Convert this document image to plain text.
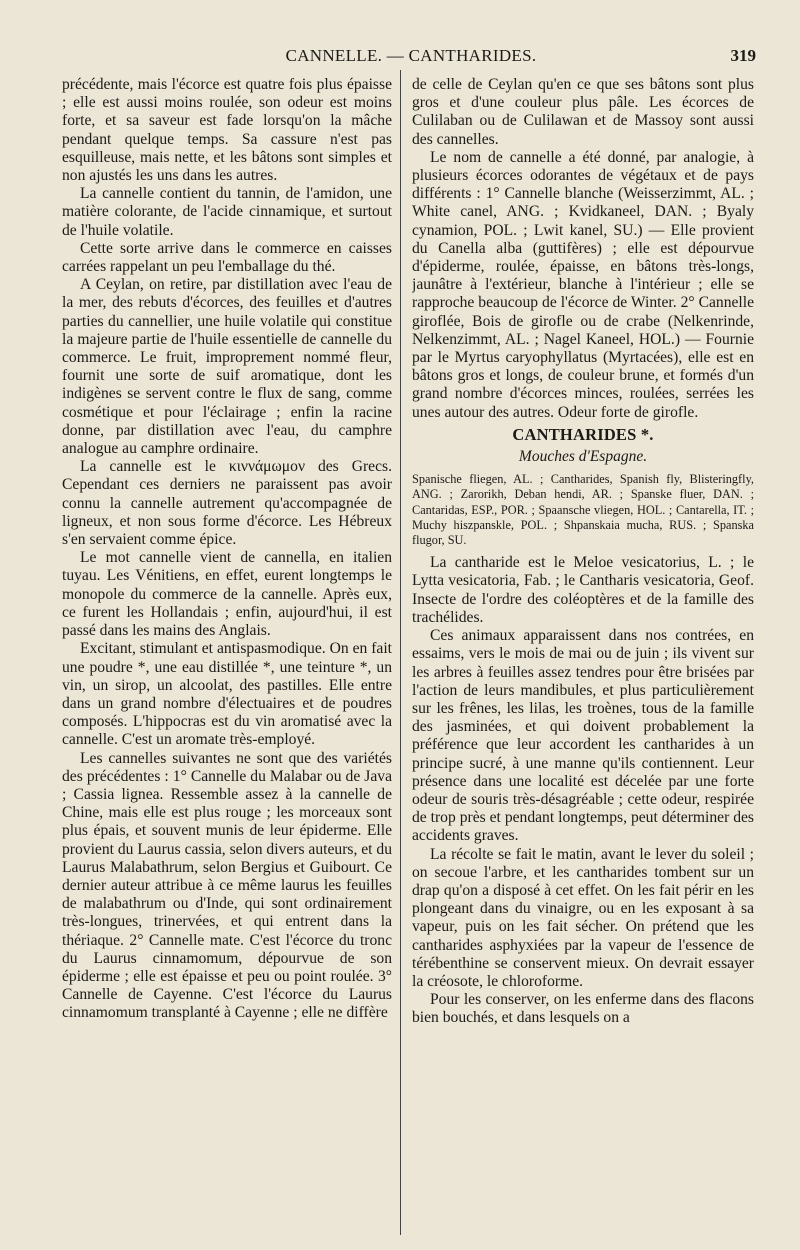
CANNELLE. — CANTHARIDES.	319

précédente, mais l'écorce est quatre fois plus épaisse ; elle est aussi moins roulée, son odeur est moins forte, et sa saveur est fade lorsqu'on la mâche pendant quelque temps. Sa cassure n'est pas esquilleuse, mais nette, et les bâtons sont simples et non ajustés les uns dans les autres.

La cannelle contient du tannin, de l'amidon, une matière colorante, de l'acide cinnamique, et surtout de l'huile volatile.

Cette sorte arrive dans le commerce en caisses carrées rappelant un peu l'emballage du thé.

A Ceylan, on retire, par distillation avec l'eau de la mer, des rebuts d'écorces, des feuilles et d'autres parties du cannellier, une huile volatile qui constitue la majeure partie de l'huile essentielle de cannelle du commerce. Le fruit, improprement nommé fleur, fournit une sorte de suif aromatique, dont les indigènes se servent contre le flux de sang, comme cosmétique et pour l'éclairage ; enfin la racine donne, par distillation avec l'eau, du camphre analogue au camphre ordinaire.

La cannelle est le κιννάμωμον des Grecs. Cependant ces derniers ne paraissent pas avoir connu la cannelle autrement qu'accompagnée de ligneux, et non sous forme d'écorce. Les Hébreux s'en servaient comme épice.

Le mot cannelle vient de cannella, en italien tuyau. Les Vénitiens, en effet, eurent longtemps le monopole du commerce de la cannelle. Après eux, ce furent les Hollandais ; enfin, aujourd'hui, il est passé dans les mains des Anglais.

Excitant, stimulant et antispasmodique. On en fait une poudre *, une eau distillée *, une teinture *, un vin, un sirop, un alcoolat, des pastilles. Elle entre dans un grand nombre d'électuaires et de poudres composés. L'hippocras est du vin aromatisé avec la cannelle. C'est un aromate très-employé.

Les cannelles suivantes ne sont que des variétés des précédentes : 1° Cannelle du Malabar ou de Java ; Cassia lignea. Ressemble assez à la cannelle de Chine, mais elle est plus rouge ; les morceaux sont plus épais, et souvent munis de leur épiderme. Elle provient du Laurus cassia, selon divers auteurs, et du Laurus Malabathrum, selon Bergius et Guibourt. Ce dernier auteur attribue à ce même laurus les feuilles de malabathrum ou d'Inde, qui sont ordinairement très-longues, trinervées, et qui entrent dans la thériaque. 2° Cannelle mate. C'est l'écorce du tronc du Laurus cinnamomum, dépourvue de son épiderme ; elle est épaisse et peu ou point roulée. 3° Cannelle de Cayenne. C'est l'écorce du Laurus cinnamomum transplanté à Cayenne ; elle ne diffère

de celle de Ceylan qu'en ce que ses bâtons sont plus gros et d'une couleur plus pâle. Les écorces de Culilaban ou de Culilawan et de Massoy sont aussi des cannelles.

Le nom de cannelle a été donné, par analogie, à plusieurs écorces odorantes de végétaux et de pays différents : 1° Cannelle blanche (Weisserzimmt, AL. ; White canel, ANG. ; Kvidkaneel, DAN. ; Byaly cynamion, POL. ; Lwit kanel, SU.) — Elle provient du Canella alba (guttifères) ; elle est dépourvue d'épiderme, roulée, épaisse, en bâtons très-longs, jaunâtre à l'extérieur, blanche à l'intérieur ; elle se rapproche beaucoup de l'écorce de Winter. 2° Cannelle giroflée, Bois de girofle ou de crabe (Nelkenrinde, Nelkenzimmt, AL. ; Nagel Kaneel, HOL.) — Fournie par le Myrtus caryophyllatus (Myrtacées), elle est en bâtons gros et longs, de couleur brune, et formés d'un grand nombre d'écorces minces, roulées, serrées les unes autour des autres. Odeur forte de girofle.

CANTHARIDES *.
Mouches d'Espagne.
Spanische fliegen, AL. ; Cantharides, Spanish fly, Blisteringfly, ANG. ; Zarorikh, Deban hendi, AR. ; Spanske fluer, DAN. ; Cantaridas, ESP., POR. ; Spaansche vliegen, HOL. ; Cantarella, IT. ; Muchy hiszpanskle, POL. ; Shpanskaia mucha, RUS. ; Spanska flugor, SU.

La cantharide est le Meloe vesicatorius, L. ; le Lytta vesicatoria, Fab. ; le Cantharis vesicatoria, Geof. Insecte de l'ordre des coléoptères et de la famille des trachélides.

Ces animaux apparaissent dans nos contrées, en essaims, vers le mois de mai ou de juin ; ils vivent sur les arbres à feuilles assez tendres pour être brisées par l'action de leurs mandibules, et plus particulièrement sur les frênes, les lilas, les troènes, tous de la famille des jasminées, et qui doivent probablement la préférence que leur accordent les cantharides à un principe sucré, à une manne qu'ils contiennent. Leur présence dans une localité est décelée par une forte odeur de souris très-désagréable ; cette odeur, respirée de trop près et pendant longtemps, peut déterminer des accidents graves.

La récolte se fait le matin, avant le lever du soleil ; on secoue l'arbre, et les cantharides tombent sur un drap qu'on a disposé à cet effet. On les fait périr en les plongeant dans du vinaigre, ou en les exposant à sa vapeur, puis on les fait sécher. On prétend que les cantharides asphyxiées par la vapeur de l'essence de térébenthine se conservent mieux. On devrait essayer la créosote, le chloroforme.

Pour les conserver, on les enferme dans des flacons bien bouchés, et dans lesquels on a
